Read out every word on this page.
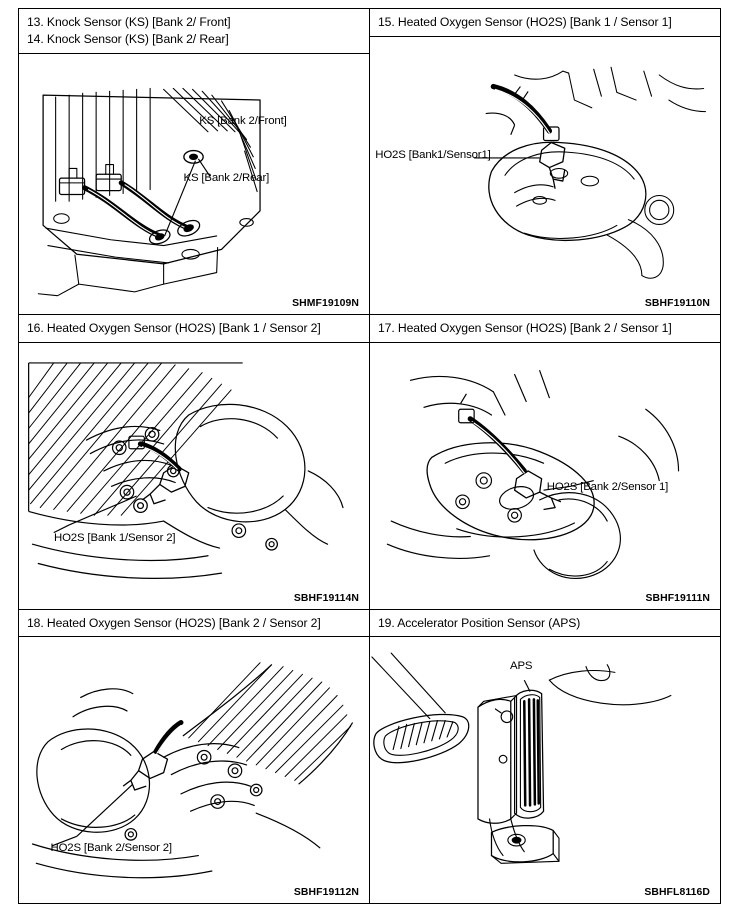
13. Knock Sensor (KS) [Bank 2/ Front]
14. Knock Sensor (KS) [Bank 2/ Rear]
KS [Bank 2/Front]
KS [Bank 2/Rear]
SHMF19109N

15. Heated Oxygen Sensor (HO2S) [Bank 1 / Sensor 1]
HO2S [Bank1/Sensor1]
SBHF19110N

16. Heated Oxygen Sensor (HO2S) [Bank 1 / Sensor 2]
HO2S [Bank 1/Sensor 2]
SBHF19114N

17. Heated Oxygen Sensor (HO2S) [Bank 2 / Sensor 1]
HO2S [Bank 2/Sensor 1]
SBHF19111N

18. Heated Oxygen Sensor (HO2S) [Bank 2 / Sensor 2]
HO2S [Bank 2/Sensor 2]
SBHF19112N

19. Accelerator Position Sensor (APS)
APS
SBHFL8116D
